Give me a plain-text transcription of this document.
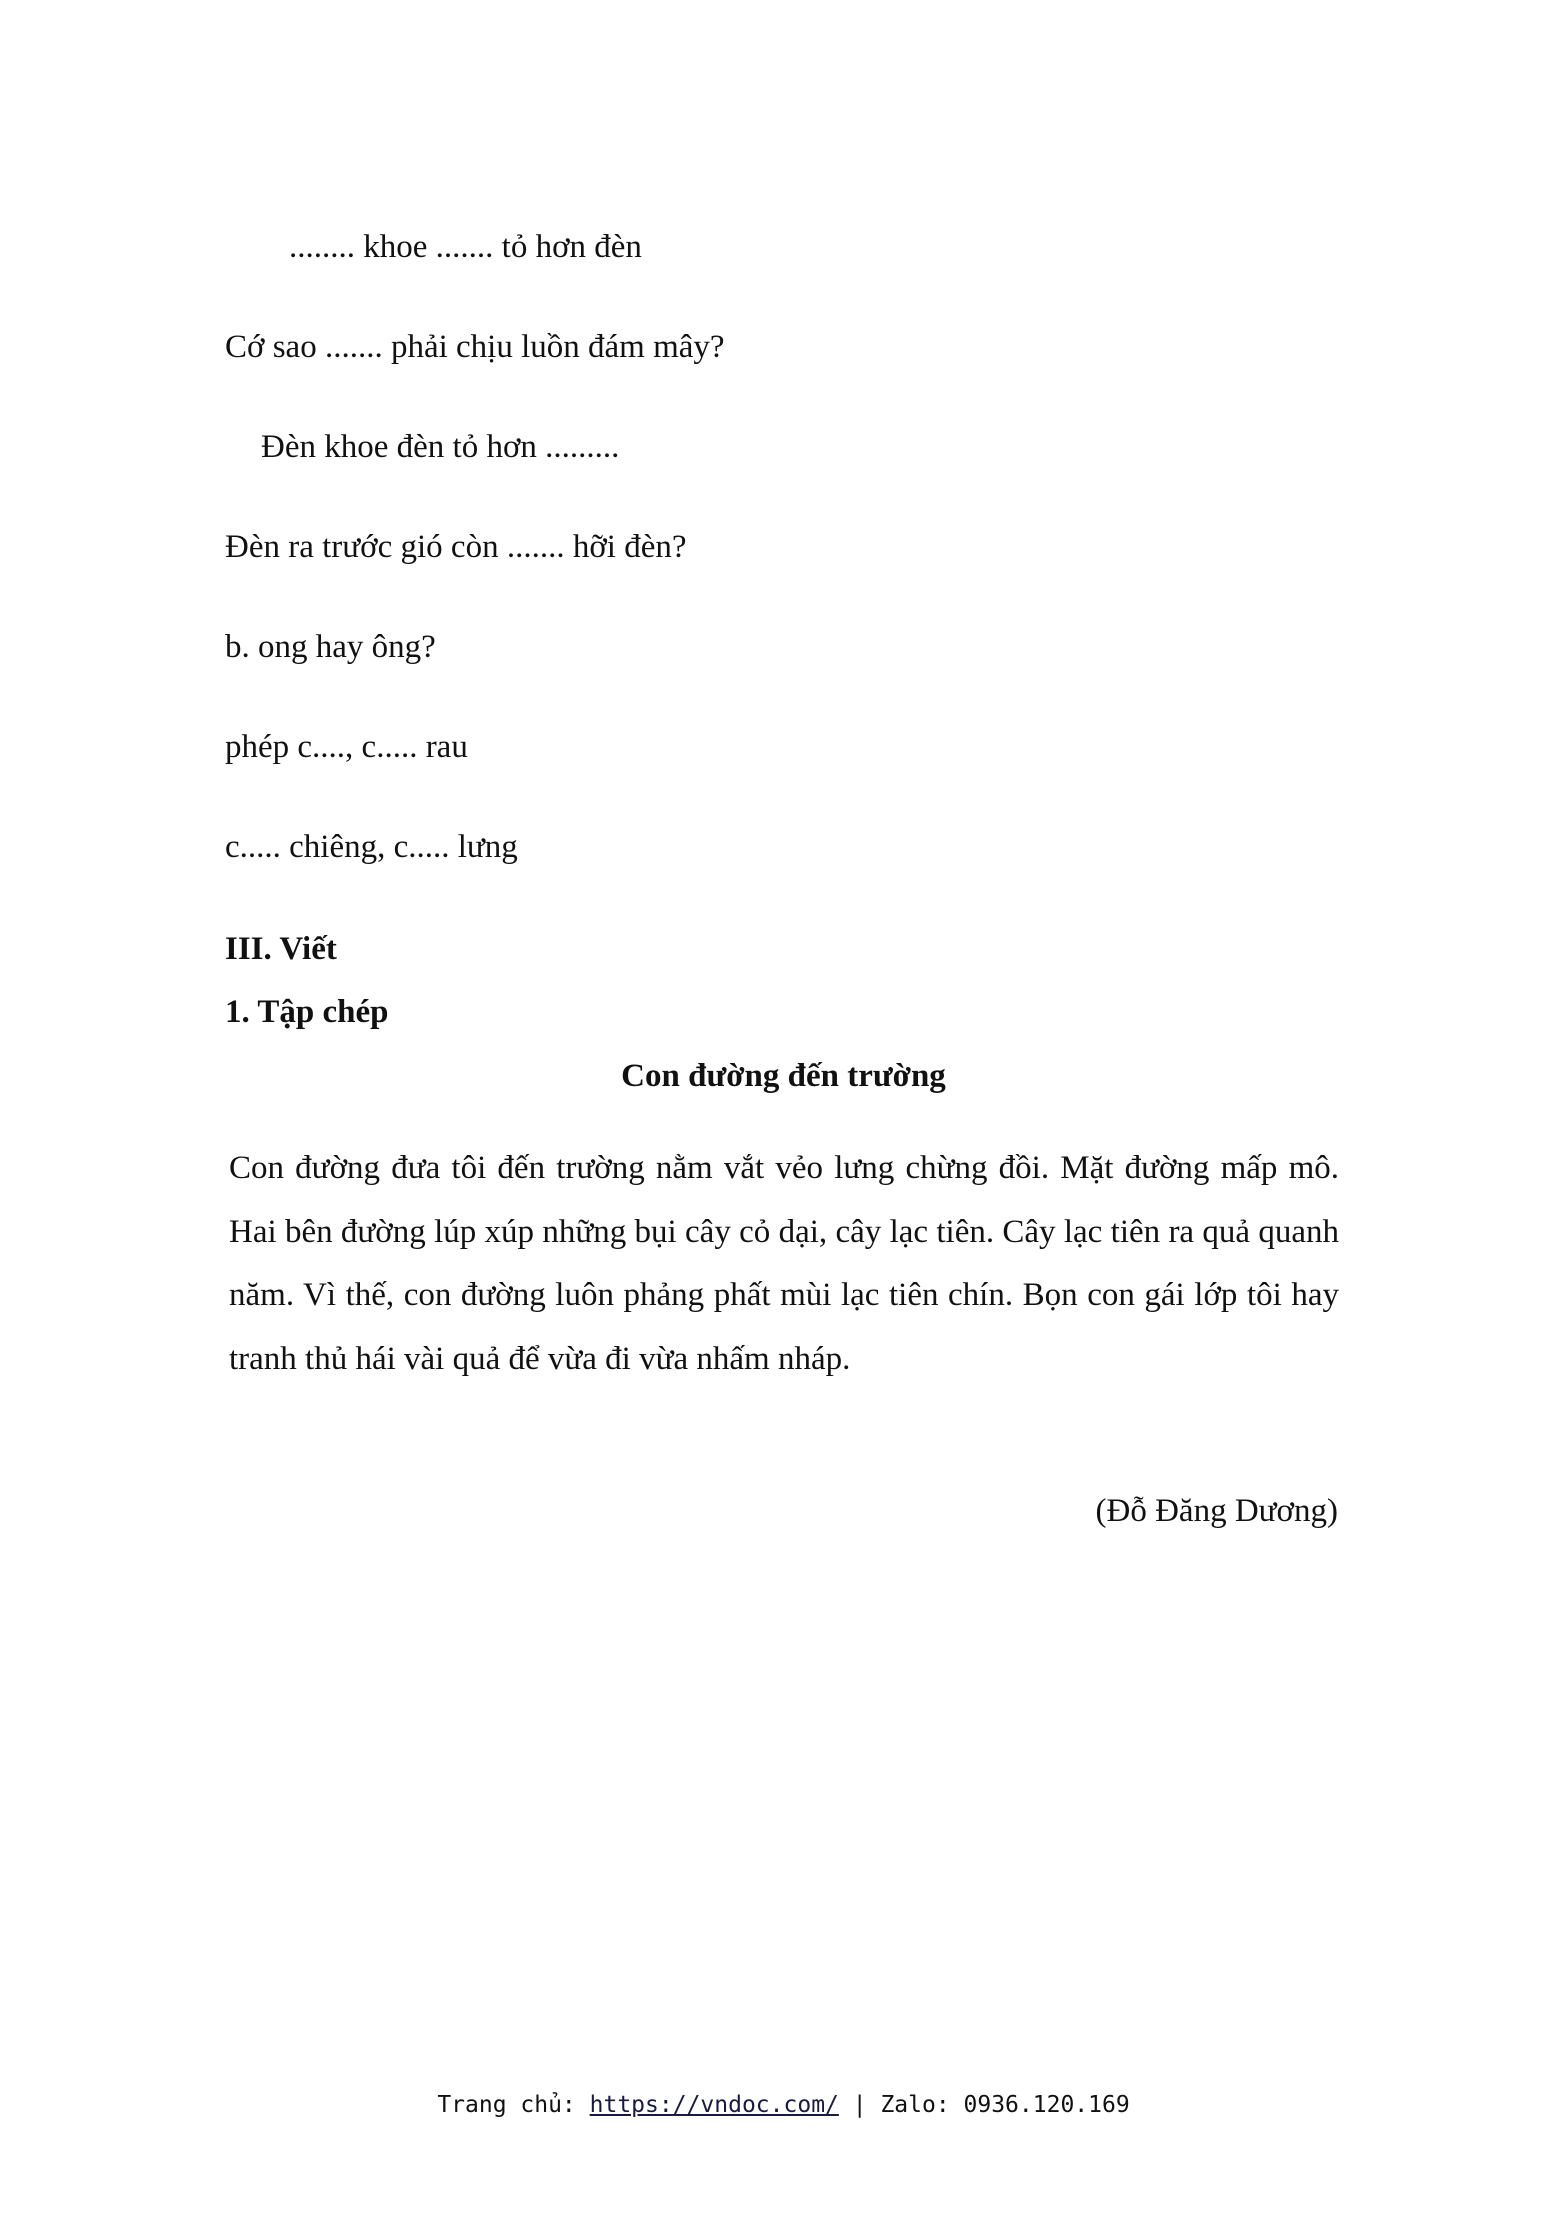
........ khoe ....... tỏ hơn đèn
Cớ sao ....... phải chịu luồn đám mây?
Đèn khoe đèn tỏ hơn .........
Đèn ra trước gió còn ....... hỡi đèn?
b. ong hay ông?
phép c...., c..... rau
c..... chiêng, c..... lưng
III. Viết
1. Tập chép
Con đường đến trường
Con đường đưa tôi đến trường nằm vắt vẻo lưng chừng đồi. Mặt đường mấp mô. Hai bên đường lúp xúp những bụi cây cỏ dại, cây lạc tiên. Cây lạc tiên ra quả quanh năm. Vì thế, con đường luôn phảng phất mùi lạc tiên chín. Bọn con gái lớp tôi hay tranh thủ hái vài quả để vừa đi vừa nhấm nháp.
(Đỗ Đăng Dương)
Trang chủ: https://vndoc.com/ | Zalo: 0936.120.169
